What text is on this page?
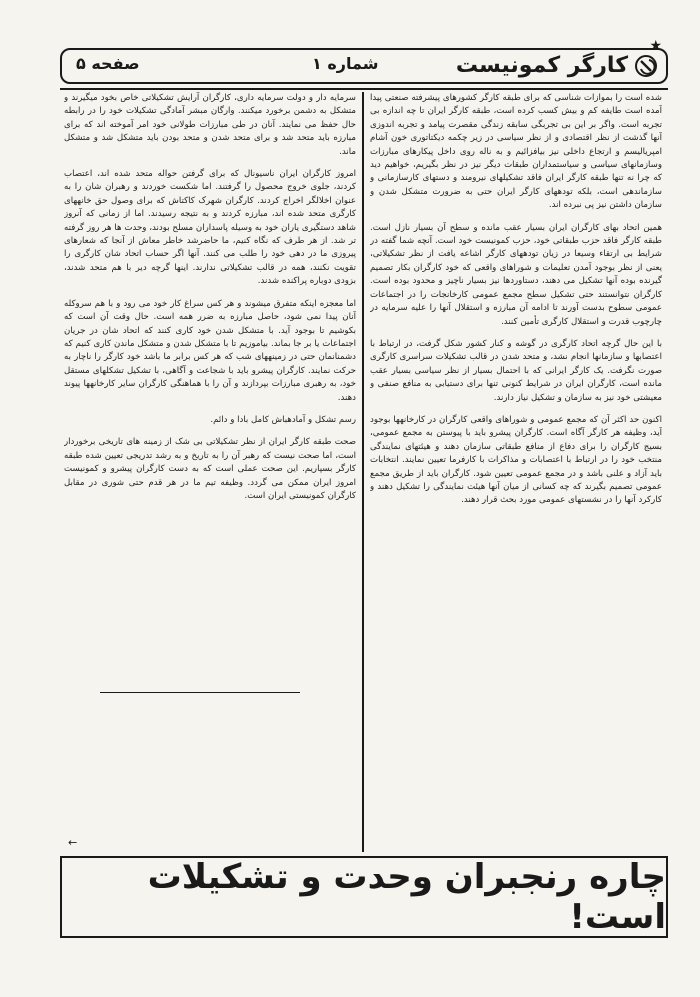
★
کارگر کمونیست
شماره ۱
صفحه ۵

شده است را بموازات شناسی که برای طبقه کارگر کشورهای پیشرفته صنعتی پیدا آمده است طایفه کم و بیش کسب کرده است، طبقه کارگر ایران تا چه اندازه بی تجربه است. واگر بر این بی تجربگی سابقه زندگی مقصرت پیامد و تجربه اندوزی آنها گذشت از نظر اقتصادی و از نظر سیاسی در زیر چکمه دیکتاتوری خون آشام امپریالیسم و ارتجاع داخلی نیز بیافزائیم و به ناله روی داخل پیکارهای مبارزات وسازمانهای سیاسی و سیاستمداران طبقات دیگر نیز در نظر بگیریم، خواهیم دید که چرا نه تنها طبقه کارگر ایران فاقد تشکیلهای نیرومند و دستهای کارسازمانی و سازماندهی است، بلکه تودههای کارگر ایران حتی به ضرورت متشکل شدن و سازمان داشتن نیز پی نبرده اند.

همین اتحاد بهای کارگران ایران بسیار عقب مانده و سطح آن بسیار نازل است. طبقه کارگر فاقد حزب طبقاتی خود، حزب کمونیست خود است. آنچه شما گفته در شرایط بی ارتقاء وسیعا در زیان تودههای کارگر اشاعه یافت از نظر تشکیلاتی، یعنی از نظر بوجود آمدن تعلیمات و شوراهای واقعی که خود کارگران بکار تصمیم گیرنده بوده آنها تشکیل می دهند، دستاوردها نیز بسیار ناچیز و محدود بوده است. کارگران نتوانستند حتی تشکیل سطح مجمع عمومی کارخانجات را در اجتماعات عمومی سطوح بدست آورند تا ادامه آن مبارزه و استقلال آنها را علیه سرمایه در چارچوب قدرت و استقلال کارگری تأمین کنند.

با این حال گرچه اتحاد کارگری در گوشه و کنار کشور شکل گرفت، در ارتباط با اعتصابها و سازمانها انجام نشد، و متحد شدن در قالب تشکیلات سراسری کارگری صورت نگرفت. یک کارگر ایرانی که با احتمال بسیار از نظر سیاسی بسیار عقب مانده است، کارگران ایران در شرایط کنونی تنها برای دستیابی به منافع صنفی و معیشتی خود نیز به سازمان و تشکیل نیاز دارند.

اکنون حد اکثر آن که مجمع عمومی و شوراهای واقعی کارگران در کارخانهها بوجود آید، وظیفه هر کارگر آگاه است. کارگران پیشرو باید با پیوستن به مجمع عمومی، بسیج کارگران را برای دفاع از منافع طبقاتی سازمان دهند و هیئتهای نمایندگی منتخب خود را در ارتباط با اعتصابات و مذاکرات با کارفرما تعیین نمایند. انتخابات باید آزاد و علنی باشد و در مجمع عمومی تعیین شود. کارگران باید از طریق مجمع عمومی تصمیم بگیرند که چه کسانی از میان آنها هیئت نمایندگی را تشکیل دهند و کارکرد آنها را در نشستهای عمومی مورد بحث قرار دهند.

سرمایه دار و دولت سرمایه داری، کارگران آرایش تشکیلاتی خاص بخود میگیرند و متشکل به دشمن برخورد میکنند. وارگان مبشر آمادگی تشکیلات خود را در رابطه حال حفظ می نمایند. آنان در طی مبارزات طولانی خود امر آموخته اند که برای مبارزه باید متحد شد و برای متحد شدن و متحد بودن باید متشکل شد و متشکل ماند.

امروز کارگران ایران ناسیونال که برای گرفتن حواله متحد شده اند، اعتصاب کردند، جلوی خروج محصول را گرفتند. اما شکست خوردند و رهبران شان را به عنوان اخلالگر اخراج کردند. کارگران شهرک کاکتاش که برای وصول حق خانههای کارگری متحد شده اند، مبارزه کردند و به نتیجه رسیدند. اما از زمانی که آنروز شاهد دستگیری یاران خود به وسیله پاسداران مسلح بودند، وحدت ها هر روز گرفته تر شد. از هر طرف که نگاه کنیم، ما حاضرشد خاطر معاش از آنجا که شعارهای پیروزی ما در دهی خود را طلب می کنند. آنها اگر حساب اتحاد شان کارگری را تقویت نکنند، همه در قالب تشکیلاتی ندارند. اینها گرچه دیر با هم متحد شدند، بزودی دوباره پراکنده شدند.

اما معجزه اینکه متفرق میشوند و هر کس سراغ کار خود می رود و با هم سروکله آنان پیدا نمی شود، حاصل مبارزه به ضرر همه است. حال وقت آن است که بکوشیم تا بوجود آید. با متشکل شدن خود کاری کنند که اتحاد شان در جریان اجتماعات یا بر جا بماند. بیاموزیم تا با متشکل شدن و متشکل ماندن کاری کنیم که دشمنانمان حتی در زمینههای شب که هر کس برابر ما باشد خود کارگر را ناچار به حرکت نمایند. کارگران پیشرو باید با شجاعت و آگاهی، با تشکیل تشکلهای مستقل خود، به رهبری مبارزات بپردازند و آن را با هماهنگی کارگران سایر کارخانهها پیوند دهند.

رسم تشکل و آمادهباش کامل بادا و دائم.

صحت طبقه کارگر ایران از نظر تشکیلاتی بی شک از زمینه های تاریخی برخوردار است، اما صحت نیست که رهبر آن را به تاریخ و به رشد تدریجی تعیین شده طبقه کارگر بسپاریم. این صحت عملی است که به دست کارگران پیشرو و کمونیست امروز ایران ممکن می گردد. وظیفه تیم ما در هر قدم حتی شوری در مقابل کارگران کمونیستی ایران است.

←
چاره رنجبران وحدت و تشکیلات است!
